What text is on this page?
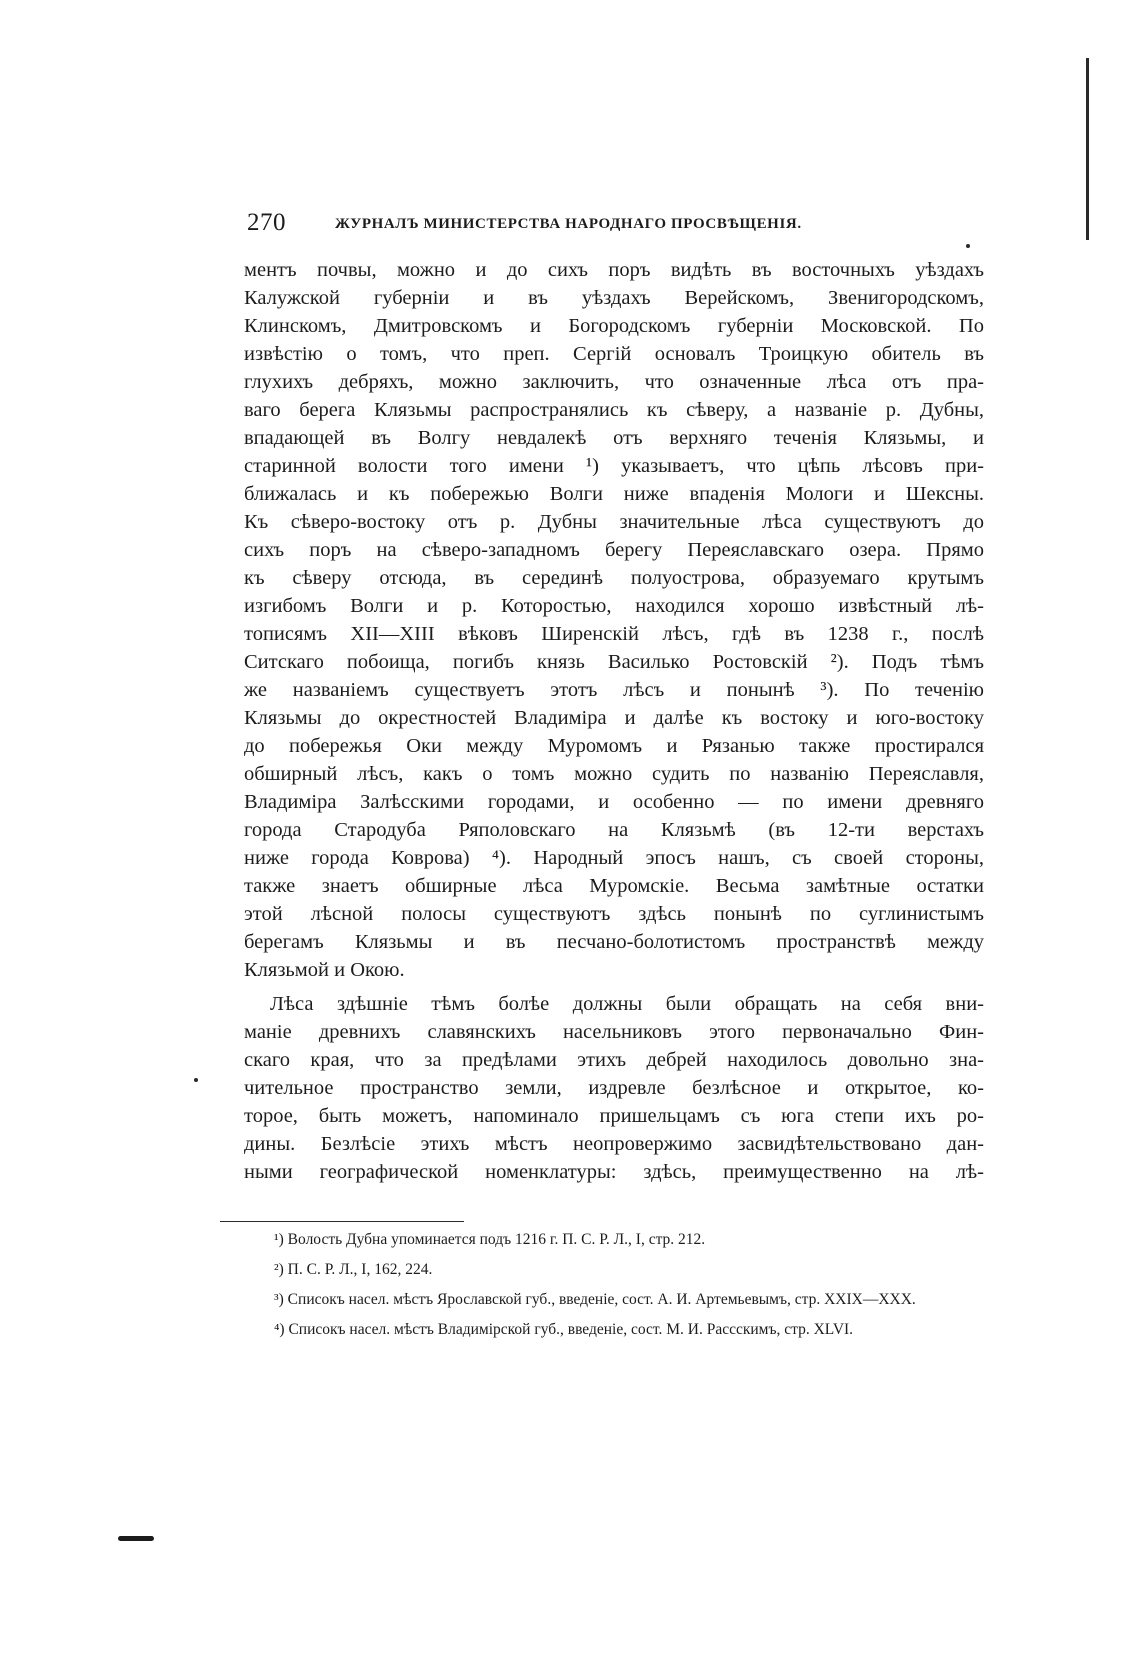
270	ЖУРНАЛЪ МИНИСТЕРСТВА НАРОДНАГО ПРОСВѢЩЕНІЯ.

ментъ почвы, можно и до сихъ поръ видѣть въ восточныхъ уѣздахъ

Калужской губерніи и въ уѣздахъ Верейскомъ, Звенигородскомъ,

Клинскомъ, Дмитровскомъ и Богородскомъ губерніи Московской. По

извѣстію о томъ, что преп. Сергій основалъ Троицкую обитель въ

глухихъ дебряхъ, можно заключить, что означенные лѣса отъ пра-

ваго берега Клязьмы распространялись къ сѣверу, а названіе р. Дубны,

впадающей въ Волгу невдалекѣ отъ верхняго теченія Клязьмы, и

старинной волости того имени ¹) указываетъ, что цѣпь лѣсовъ при-

ближалась и къ побережью Волги ниже впаденія Мологи и Шексны.

Къ сѣверо-востоку отъ р. Дубны значительные лѣса существуютъ до

сихъ поръ на сѣверо-западномъ берегу Переяславскаго озера. Прямо

къ сѣверу отсюда, въ серединѣ полуострова, образуемаго крутымъ

изгибомъ Волги и р. Которостью, находился хорошо извѣстный лѣ-

тописямъ XII—XIII вѣковъ Ширенскій лѣсъ, гдѣ въ 1238 г., послѣ

Ситскаго побоища, погибъ князь Василько Ростовскій ²). Подъ тѣмъ

же названіемъ существуетъ этотъ лѣсъ и понынѣ ³). По теченію

Клязьмы до окрестностей Владиміра и далѣе къ востоку и юго-востоку

до побережья Оки между Муромомъ и Рязанью также простирался

обширный лѣсъ, какъ о томъ можно судить по названію Переяславля,

Владиміра Залѣсскими городами, и особенно — по имени древняго

города Стародуба Ряполовскаго на Клязьмѣ (въ 12-ти верстахъ

ниже города Коврова) ⁴). Народный эпосъ нашъ, съ своей стороны,

также знаетъ обширные лѣса Муромскіе. Весьма замѣтные остатки

этой лѣсной полосы существуютъ здѣсь понынѣ по суглинистымъ

берегамъ Клязьмы и въ песчано-болотистомъ пространствѣ между

Клязьмой и Окою.

Лѣса здѣшніе тѣмъ болѣе должны были обращать на себя вни-

маніе древнихъ славянскихъ насельниковъ этого первоначально Фин-

скаго края, что за предѣлами этихъ дебрей находилось довольно зна-

чительное пространство земли, издревле безлѣсное и открытое, ко-

торое, быть можетъ, напоминало пришельцамъ съ юга степи ихъ ро-

дины. Безлѣсіе этихъ мѣстъ неопровержимо засвидѣтельствовано дан-

ными географической номенклатуры: здѣсь, преимущественно на лѣ-

¹) Волость Дубна упоминается подъ 1216 г. П. С. Р. Л., I, стр. 212.

²) П. С. Р. Л., I, 162, 224.

³) Списокъ насел. мѣстъ Ярославской губ., введеніе, сост. А. И. Артемьевымъ, стр. XXIX—XXX.

⁴) Списокъ насел. мѣстъ Владимірской губ., введеніе, сост. М. И. Рассскимъ, стр. XLVI.
